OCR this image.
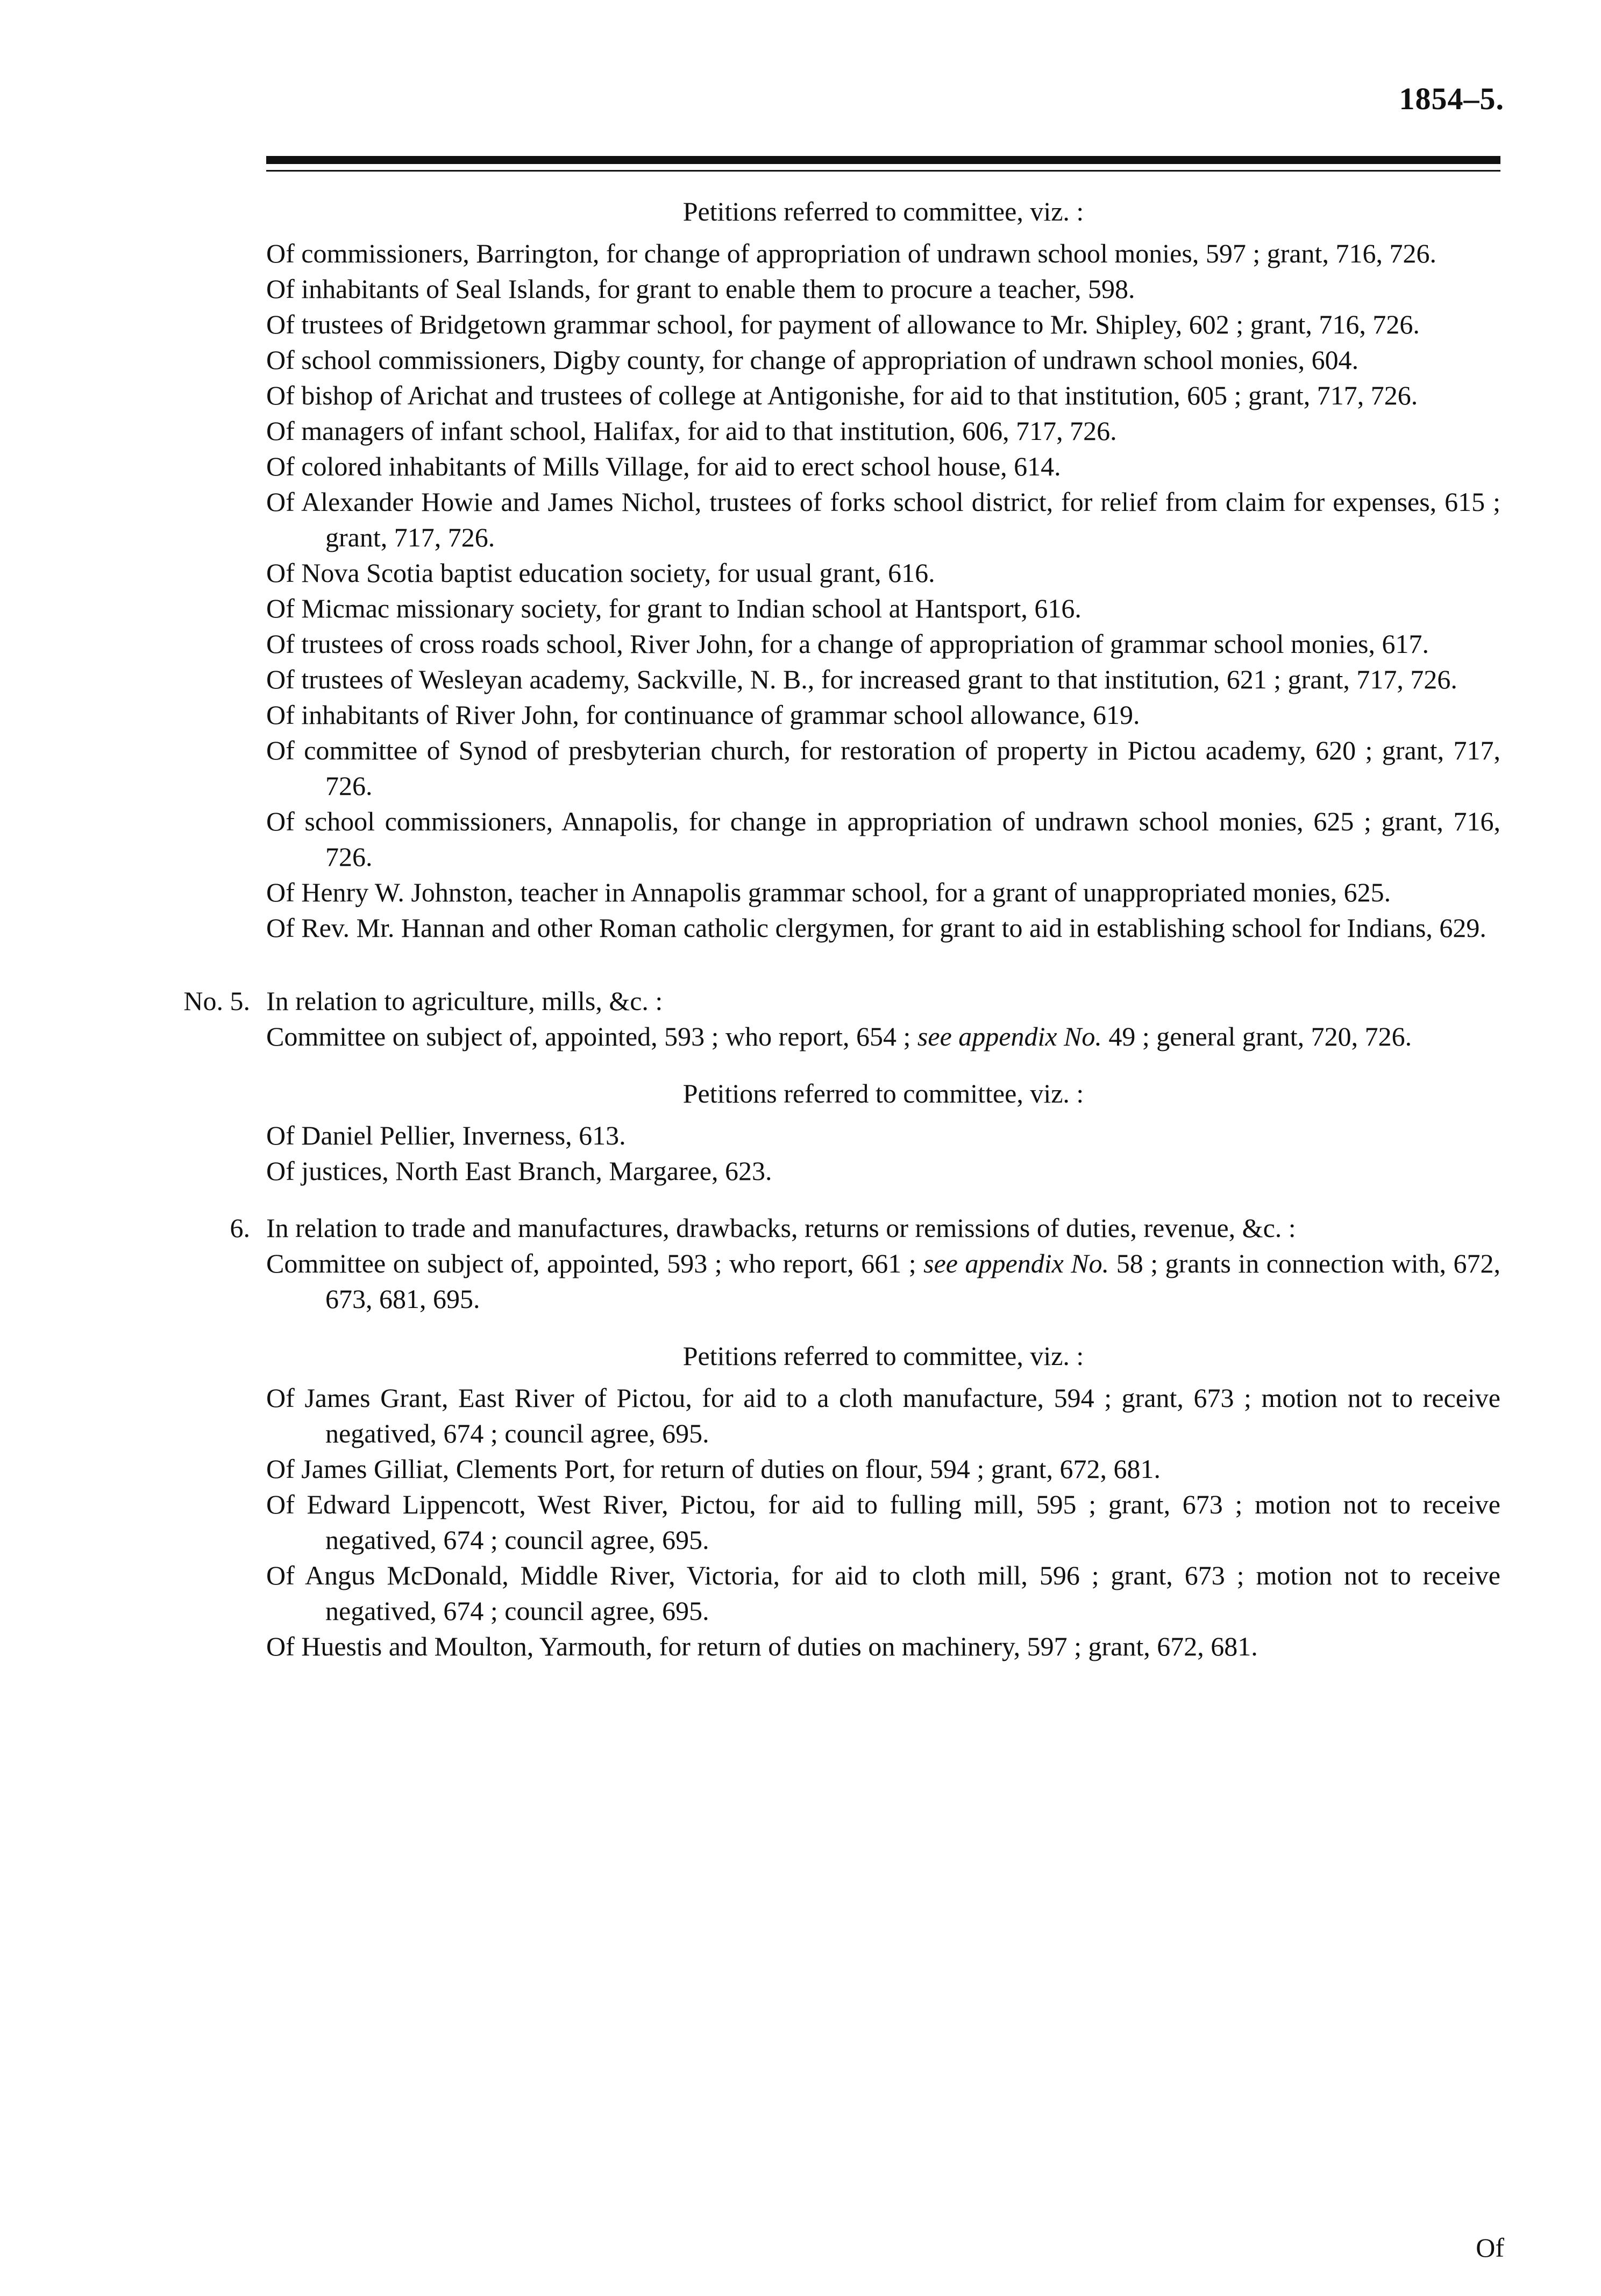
1854–5.
Petitions referred to committee, viz. :
Of commissioners, Barrington, for change of appropriation of undrawn school monies, 597 ; grant, 716, 726.
Of inhabitants of Seal Islands, for grant to enable them to procure a teacher, 598.
Of trustees of Bridgetown grammar school, for payment of allowance to Mr. Shipley, 602 ; grant, 716, 726.
Of school commissioners, Digby county, for change of appropriation of undrawn school monies, 604.
Of bishop of Arichat and trustees of college at Antigonishe, for aid to that institution, 605 ; grant, 717, 726.
Of managers of infant school, Halifax, for aid to that institution, 606, 717, 726.
Of colored inhabitants of Mills Village, for aid to erect school house, 614.
Of Alexander Howie and James Nichol, trustees of forks school district, for relief from claim for expenses, 615 ; grant, 717, 726.
Of Nova Scotia baptist education society, for usual grant, 616.
Of Micmac missionary society, for grant to Indian school at Hantsport, 616.
Of trustees of cross roads school, River John, for a change of appropriation of grammar school monies, 617.
Of trustees of Wesleyan academy, Sackville, N. B., for increased grant to that institution, 621 ; grant, 717, 726.
Of inhabitants of River John, for continuance of grammar school allowance, 619.
Of committee of Synod of presbyterian church, for restoration of property in Pictou academy, 620 ; grant, 717, 726.
Of school commissioners, Annapolis, for change in appropriation of undrawn school monies, 625 ; grant, 716, 726.
Of Henry W. Johnston, teacher in Annapolis grammar school, for a grant of unappropriated monies, 625.
Of Rev. Mr. Hannan and other Roman catholic clergymen, for grant to aid in establishing school for Indians, 629.
No. 5. In relation to agriculture, mills, &c. :
Committee on subject of, appointed, 593 ; who report, 654 ; see appendix No. 49 ; general grant, 720, 726.
Petitions referred to committee, viz. :
Of Daniel Pellier, Inverness, 613.
Of justices, North East Branch, Margaree, 623.
6. In relation to trade and manufactures, drawbacks, returns or remissions of duties, revenue, &c. :
Committee on subject of, appointed, 593 ; who report, 661 ; see appendix No. 58 ; grants in connection with, 672, 673, 681, 695.
Petitions referred to committee, viz. :
Of James Grant, East River of Pictou, for aid to a cloth manufacture, 594 ; grant, 673 ; motion not to receive negatived, 674 ; council agree, 695.
Of James Gilliat, Clements Port, for return of duties on flour, 594 ; grant, 672, 681.
Of Edward Lippencott, West River, Pictou, for aid to fulling mill, 595 ; grant, 673 ; motion not to receive negatived, 674 ; council agree, 695.
Of Angus McDonald, Middle River, Victoria, for aid to cloth mill, 596 ; grant, 673 ; motion not to receive negatived, 674 ; council agree, 695.
Of Huestis and Moulton, Yarmouth, for return of duties on machinery, 597 ; grant, 672, 681.
Of
